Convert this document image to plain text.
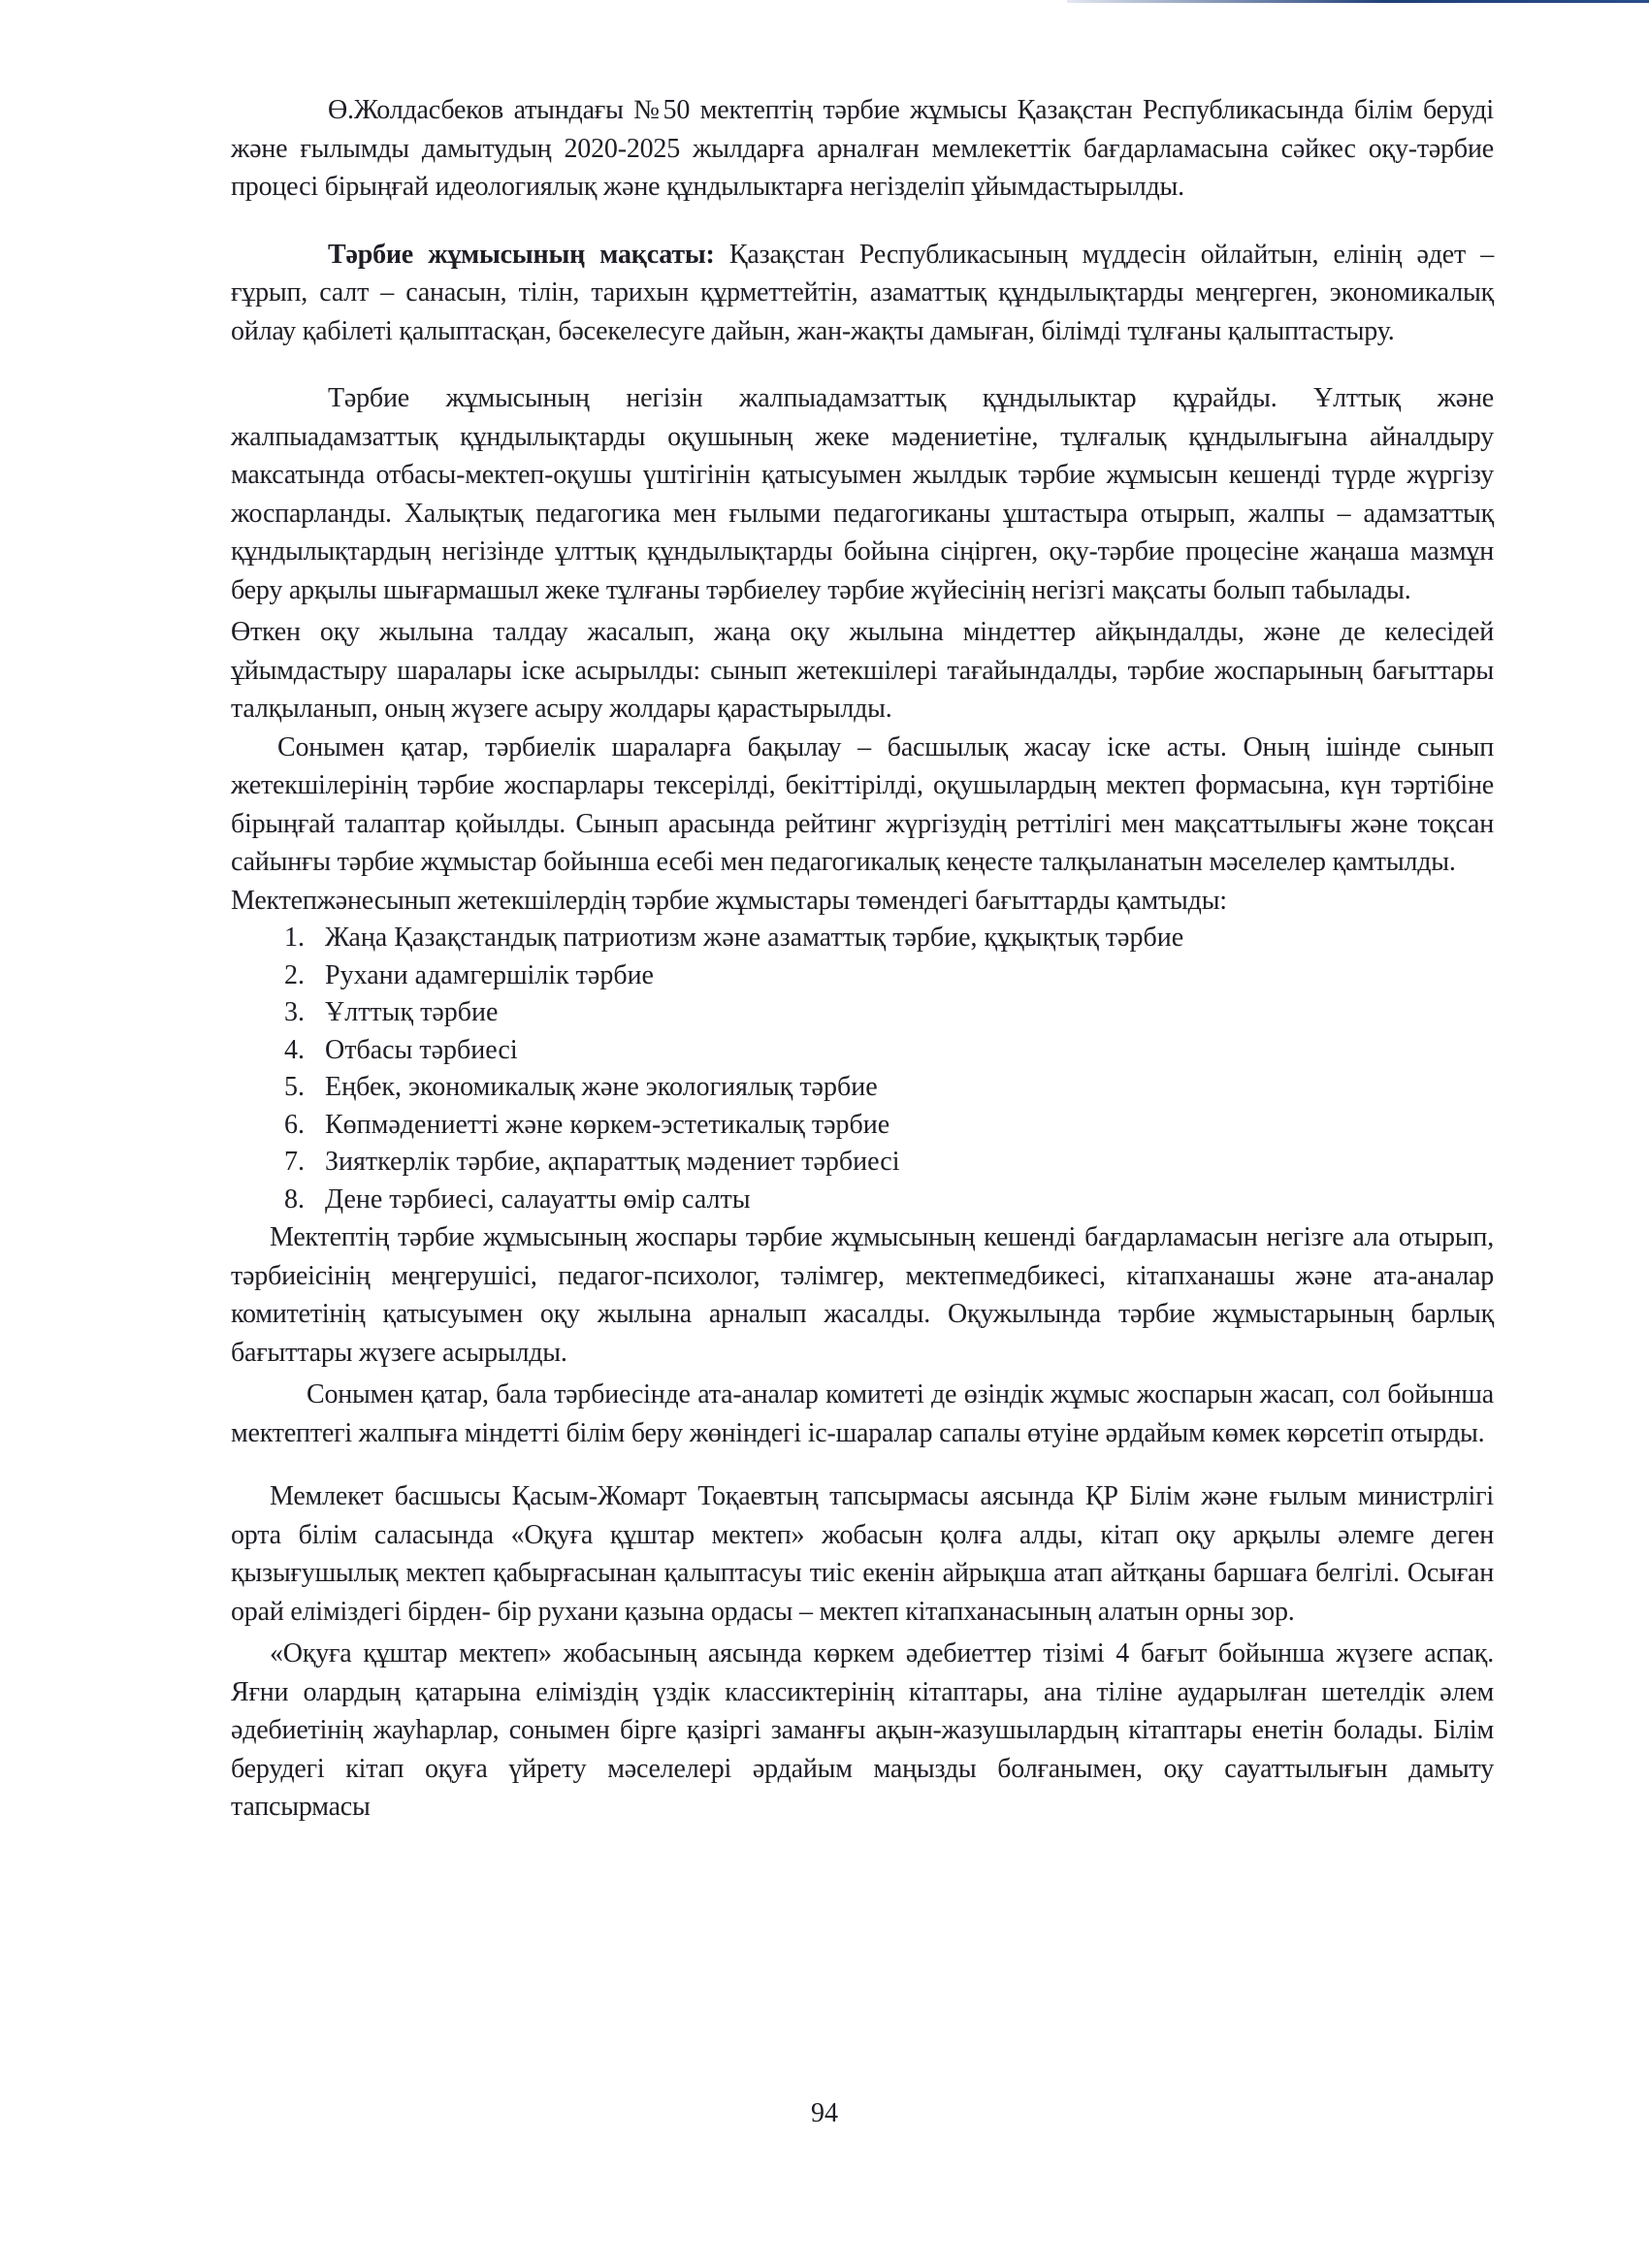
Ө.Жолдасбеков атындағы №50 мектептің тәрбие жұмысы Қазақстан Республикасында білім беруді және ғылымды дамытудың 2020-2025 жылдарға арналған мемлекеттік бағдарламасына сәйкес оқу-тәрбие процесі бірыңғай идеологиялық және құндылыктарға негізделіп ұйымдастырылды.

Тәрбие жұмысының мақсаты: Қазақстан Республикасының мүддесін ойлайтын, елінің әдет – ғұрып, салт – санасын, тілін, тарихын құрметтейтін, азаматтық құндылықтарды меңгерген, экономикалық ойлау қабілеті қалыптасқан, бәсекелесуге дайын, жан-жақты дамыған, білімді тұлғаны қалыптастыру.

Тәрбие жұмысының негізін жалпыадамзаттық құндылыктар құрайды. Ұлттық және жалпыадамзаттық құндылықтарды оқушының жеке мәдениетіне, тұлғалық құндылығына айналдыру максатында отбасы-мектеп-оқушы үштігінін қатысуымен жылдык тәрбие жұмысын кешенді түрде жүргізу жоспарланды. Халықтық педагогика мен ғылыми педагогиканы ұштастыра отырып, жалпы – адамзаттық құндылықтардың негізінде ұлттық құндылықтарды бойына сіңірген, оқу-тәрбие процесіне жаңаша мазмұн беру арқылы шығармашыл жеке тұлғаны тәрбиелеу тәрбие жүйесінің негізгі мақсаты болып табылады.

Өткен оқу жылына талдау жасалып, жаңа оқу жылына міндеттер айқындалды, және де келесідей ұйымдастыру шаралары іске асырылды: сынып жетекшілері тағайындалды, тәрбие жоспарының бағыттары талқыланып, оның жүзеге асыру жолдары қарастырылды.

Сонымен қатар, тәрбиелік шараларға бақылау – басшылық жасау іске асты. Оның ішінде сынып жетекшілерінің тәрбие жоспарлары тексерілді, бекіттірілді, оқушылардың мектеп формасына, күн тәртібіне бірыңғай талаптар қойылды. Сынып арасында рейтинг жүргізудің реттілігі мен мақсаттылығы және тоқсан сайынғы тәрбие жұмыстар бойынша есебі мен педагогикалық кеңесте талқыланатын мәселелер қамтылды.

Мектепжәнесынып жетекшілердің тәрбие жұмыстары төмендегі бағыттарды қамтыды:

1. Жаңа Қазақстандық патриотизм және азаматтық тәрбие, құқықтық тәрбие
2. Рухани адамгершілік тәрбие
3. Ұлттық тәрбие
4. Отбасы тәрбиесі
5. Еңбек, экономикалық және экологиялық тәрбие
6. Көпмәдениетті және көркем-эстетикалық тәрбие
7. Зияткерлік тәрбие, ақпараттық мәдениет тәрбиесі
8. Дене тәрбиесі, салауатты өмір салты

Мектептің тәрбие жұмысының жоспары тәрбие жұмысының кешенді бағдарламасын негізге ала отырып, тәрбиеісінің меңгерушісі, педагог-психолог, тәлімгер, мектепмедбикесі, кітапханашы және ата-аналар комитетінің қатысуымен оқу жылына арналып жасалды. Оқужылында тәрбие жұмыстарының барлық бағыттары жүзеге асырылды.

Сонымен қатар, бала тәрбиесінде ата-аналар комитеті де өзіндік жұмыс жоспарын жасап, сол бойынша мектептегі жалпыға міндетті білім беру жөніндегі іс-шаралар сапалы өтуіне әрдайым көмек көрсетіп отырды.

Мемлекет басшысы Қасым-Жомарт Тоқаевтың тапсырмасы аясында ҚР Білім және ғылым министрлігі орта білім саласында «Оқуға құштар мектеп» жобасын қолға алды, кітап оқу арқылы әлемге деген қызығушылық мектеп қабырғасынан қалыптасуы тиіс екенін айрықша атап айтқаны баршаға белгілі. Осыған орай еліміздегі бірден- бір рухани қазына ордасы – мектеп кітапханасының алатын орны зор.

«Оқуға құштар мектеп» жобасының аясында көркем әдебиеттер тізімі 4 бағыт бойынша жүзеге аспақ. Яғни олардың қатарына еліміздің үздік классиктерінің кітаптары, ана тіліне аударылған шетелдік әлем әдебиетінің жауһарлар, сонымен бірге қазіргі заманғы ақын-жазушылардың кітаптары енетін болады. Білім берудегі кітап оқуға үйрету мәселелері әрдайым маңызды болғанымен, оқу сауаттылығын дамыту тапсырмасы

94
